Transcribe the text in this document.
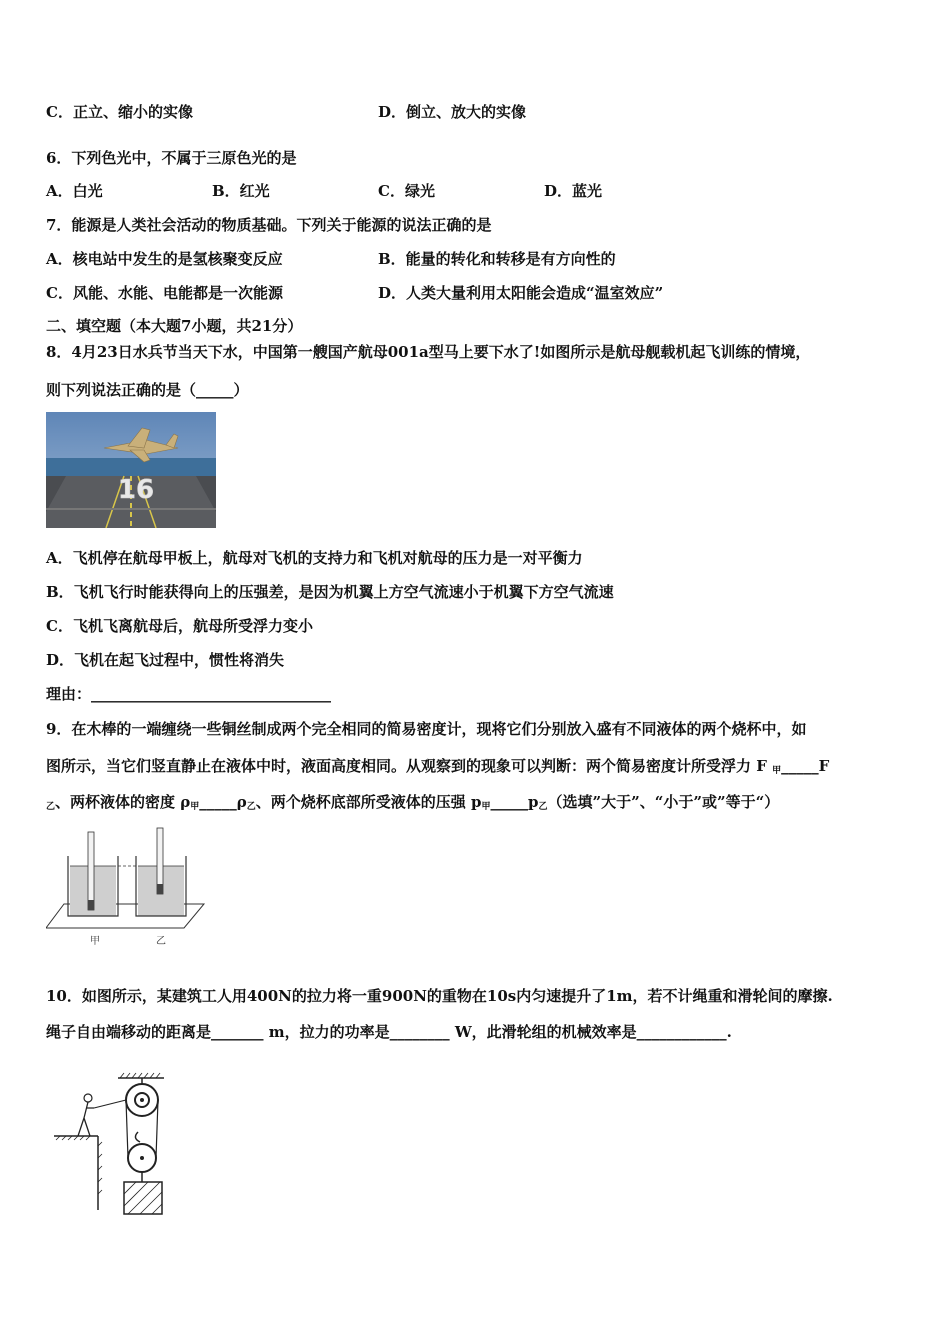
C．正立、缩小的实像	D．倒立、放大的实像
6．下列色光中，不属于三原色光的是
A．白光	B．红光	C．绿光	D．蓝光
7．能源是人类社会活动的物质基础。下列关于能源的说法正确的是
A．核电站中发生的是氢核聚变反应	B．能量的转化和转移是有方向性的
C．风能、水能、电能都是一次能源	D．人类大量利用太阳能会造成“温室效应”
二、填空题（本大题7小题，共21分）
8．4月23日水兵节当天下水，中国第一艘国产航母001a型马上要下水了!如图所示是航母舰载机起飞训练的情境，
则下列说法正确的是（_____）
16
A．飞机停在航母甲板上，航母对飞机的支持力和飞机对航母的压力是一对平衡力
B．飞机飞行时能获得向上的压强差，是因为机翼上方空气流速小于机翼下方空气流速
C．飞机飞离航母后，航母所受浮力变小
D．飞机在起飞过程中，惯性将消失
理由：________________________________
9．在木棒的一端缠绕一些铜丝制成两个完全相同的简易密度计，现将它们分别放入盛有不同液体的两个烧杯中，如
图所示，当它们竖直静止在液体中时，液面高度相同。从观察到的现象可以判断：两个简易密度计所受浮力 F $_甲$_____F
$_乙$、两杯液体的密度 $\rho_甲\_\_\_\_\_\rho_乙$、两个烧杯底部所受液体的压强 $p_甲\_\_\_\_\_p_乙$（选填”大于”、“小于”或”等于“）
甲	乙
10．如图所示，某建筑工人用400N的拉力将一重900N的重物在10s内匀速提升了1m，若不计绳重和滑轮间的摩擦.
绳子自由端移动的距离是_______ m，拉力的功率是________ W，此滑轮组的机械效率是____________.
